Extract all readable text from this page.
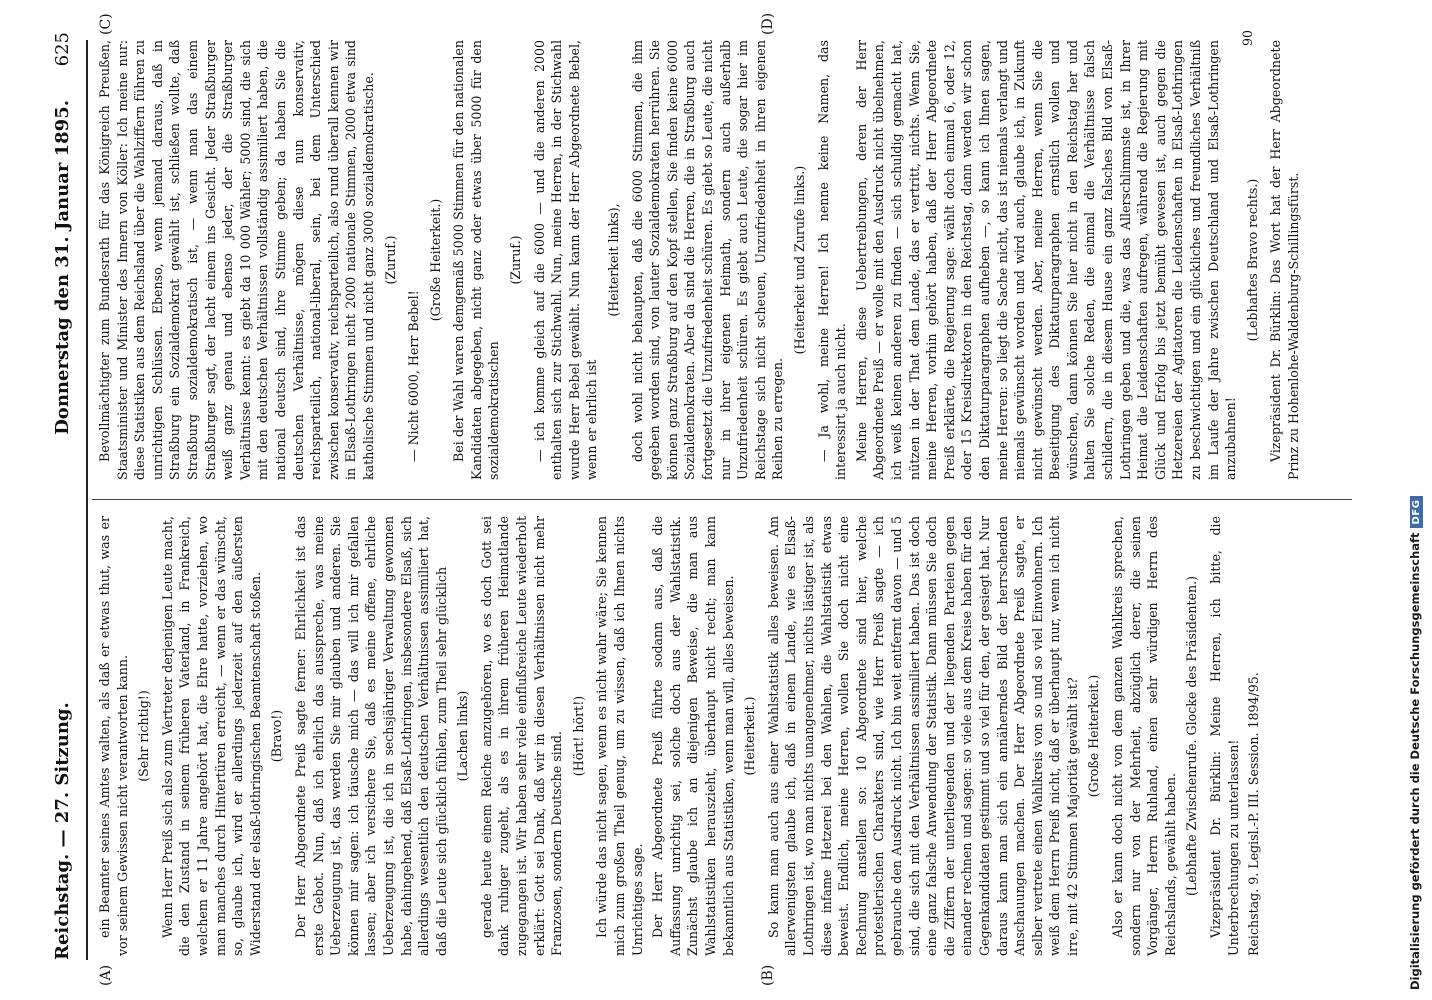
Reichstag. — 27. Sitzung.
Donnerstag den 31. Januar 1895.
625
(A)	(B)
(C)	(D)

ein Beamter seines Amtes walten, als daß er etwas thut, was er vor seinem Gewissen nicht verantworten kann. (Sehr richtig!) Wenn Herr Preiß sich also zum Vertreter derjenigen Leute macht, die den Zustand in seinem früheren Vaterland, in Frankreich, welchem er 11 Jahre angehört hat, die Ehre hatte, vorziehen, wo man manches durch Hintertüren erreicht, — wenn er das wünscht, so, glaube ich, wird er allerdings jederzeit auf den äußersten Widerstand der elsaß-lothringischen Beamtenschaft stoßen. (Bravo!) Der Herr Abgeordnete Preiß sagte ferner: Ehrlichkeit ist das erste Gebot. Nun, daß ich ehrlich das ausspreche, was meine Ueberzeugung ist, das werden Sie mir glauben und anderen. Sie können mir sagen: ich täusche mich — das will ich mir gefallen lassen; aber ich versichere Sie, daß es meine offene, ehrliche Ueberzeugung ist, die ich in sechsjähriger Verwaltung gewonnen habe, dahingehend, daß Elsaß-Lothringen, insbesondere Elsaß, sich allerdings wesentlich den deutschen Verhältnissen assimiliert hat, daß die Leute sich glücklich fühlen, zum Theil sehr glücklich (Lachen links) gerade heute einem Reiche anzugehören, wo es doch Gott sei dank ruhiger zugeht, als es in ihrem früheren Heimatlande zugegangen ist. Wir haben sehr viele einflußreiche Leute wiederholt erklärt: Gott sei Dank, daß wir in diesen Verhältnissen nicht mehr Franzosen, sondern Deutsche sind. (Hört! hört!) Ich würde das nicht sagen, wenn es nicht wahr wäre; Sie kennen mich zum großen Theil genug, um zu wissen, daß ich Ihnen nichts Unrichtiges sage. Der Herr Abgeordnete Preiß führte sodann aus, daß die Auffassung unrichtig sei, solche doch aus der Wahlstatistik. Zunächst glaube ich an diejenigen Beweise, die man aus Wahlstatistiken herauszieht, überhaupt nicht recht; man kann bekanntlich aus Statistiken, wenn man will, alles beweisen. (Heiterkeit.) So kann man auch aus einer Wahlstatistik alles beweisen. Am allerwenigsten glaube ich, daß in einem Lande, wie es Elsaß-Lothringen ist, wo man nichts unangenehmer, nichts lästiger ist, als diese infame Hetzerei bei den Wahlen, die Wahlstatistik etwas beweist. Endlich, meine Herren, wollen Sie doch nicht eine Rechnung anstellen so: 10 Abgeordnete sind hier, welche protestlerischen Charakters sind, wie Herr Preiß sagte — ich gebrauche den Ausdruck nicht. Ich bin weit entfernt davon — und 5 sind, die sich mit den Verhältnissen assimiliert haben. Das ist doch eine ganz falsche Anwendung der Statistik. Dann müssen Sie doch die Ziffern der unterliegenden und der liegenden Parteien gegen einander rechnen und sagen: so viele aus dem Kreise haben für den Gegenkandidaten gestimmt und so viel für den, der gesiegt hat. Nur daraus kann man sich ein annäherndes Bild der herrschenden Anschauungen machen. Der Herr Abgeordnete Preiß sagte, er selber vertrete einen Wahlkreis von so und so viel Einwohnern. Ich weiß dem Herrn Preiß nicht, daß er überhaupt nur, wenn ich nicht irre, mit 42 Stimmen Majorität gewählt ist? (Große Heiterkeit.) Also er kann doch nicht von dem ganzen Wahlkreis sprechen, sondern nur von der Mehrheit, abzüglich derer, die seinen Vorgänger, Herrn Ruhland, einen sehr würdigen Herrn des Reichslands, gewählt haben. (Lebhafte Zwischenrufe. Glocke des Präsidenten.) Vizepräsident Dr. Bürklin: Meine Herren, ich bitte, die Unterbrechungen zu unterlassen! Reichstag. 9. Legisl.-P. III. Session. 1894/95.

Bevollmächtigter zum Bundesrath für das Königreich Preußen, Staatsminister und Minister des Innern von Köller: Ich meine nur: diese Statistiken aus dem Reichsland über die Wahlziffern führen zu unrichtigen Schlüssen. Ebenso, wenn jemand daraus, daß in Straßburg ein Sozialdemokrat gewählt ist, schließen wollte, daß Straßburg sozialdemokratisch ist, — wenn man das einem Straßburger sagt, der lacht einem ins Gesicht. Jeder Straßburger weiß ganz genau und ebenso jeder, der die Straßburger Verhältnisse kennt: es giebt da 10 000 Wähler; 5000 sind, die sich mit den deutschen Verhältnissen vollständig assimiliert haben, die national deutsch sind, ihre Stimme geben; da haben Sie die deutschen Verhältnisse, mögen diese nun konservativ, reichsparteilich, national-liberal, sein, bei dem Unterschied zwischen konservativ, reichsparteilich, also rund überall kennen wir in Elsaß-Lothringen nicht 2000 nationale Stimmen, 2000 etwa sind katholische Stimmen und nicht ganz 3000 sozialdemokratische. (Zuruf.)

— Nicht 6000, Herr Bebel!

(Große Heiterkeit.) Bei der Wahl waren demgemäß 5000 Stimmen für den nationalen Kandidaten abgegeben, nicht ganz oder etwas über 5000 für den sozialdemokratischen

(Zuruf.) — ich komme gleich auf die 6000 — und die anderen 2000 enthalten sich zur Stichwahl. Nun, meine Herren, in der Stichwahl wurde Herr Bebel gewählt. Nun kann der Herr Abgeordnete Bebel, wenn er ehrlich ist

(Heiterkeit links), doch wohl nicht behaupten, daß die 6000 Stimmen, die ihm gegeben worden sind, von lauter Sozialdemokraten herrühren. Sie können ganz Straßburg auf den Kopf stellen, Sie finden keine 6000 Sozialdemokraten. Aber da sind die Herren, die in Straßburg auch fortgesetzt die Unzufriedenheit schüren. Es giebt so Leute, die nicht nur in ihrer eigenen Heimath, sondern auch außerhalb Unzufriedenheit schüren. Es giebt auch Leute, die sogar hier im Reichstage sich nicht scheuen, Unzufriedenheit in ihren eigenen Reihen zu erregen.

(Heiterkeit und Zurufe links.) — Ja wohl, meine Herren! Ich nenne keine Namen, das interessirt ja auch nicht. Meine Herren, diese Uebertreibungen, deren der Herr Abgeordnete Preiß — er wolle mit den Ausdruck nicht übelnehmen, ich weiß keinen anderen zu finden — sich schuldig gemacht hat, nützen in der That dem Lande, das er vertritt, nichts. Wenn Sie, meine Herren, vorhin gehört haben, daß der Herr Abgeordnete Preiß erklärte, die Regierung sage: wählt doch einmal 6, oder 12, oder 15 Kreisdirektoren in den Reichstag, dann werden wir schon den Diktaturparagraphen aufheben —, so kann ich Ihnen sagen, meine Herren: so liegt die Sache nicht, das ist niemals verlangt und niemals gewünscht worden und wird auch, glaube ich, in Zukunft nicht gewünscht werden. Aber, meine Herren, wenn Sie die Beseitigung des Diktaturparagraphen ernstlich wollen und wünschen, dann können Sie hier nicht in den Reichstag her und halten Sie solche Reden, die einmal die Verhältnisse falsch schildern, die in diesem Hause ein ganz falsches Bild von Elsaß-Lothringen geben und die, was das Allerschlimmste ist, in Ihrer Heimat die Leidenschaften aufregen, während die Regierung mit Glück und Erfolg bis jetzt bemüht gewesen ist, auch gegen die Hetzereien der Agitatoren die Leidenschaften in Elsaß-Lothringen zu beschwichtigen und ein glückliches und freundliches Verhältniß im Laufe der Jahre zwischen Deutschland und Elsaß-Lothringen anzubahnen!

(Lebhaftes Bravo rechts.) Vizepräsident Dr. Bürklin: Das Wort hat der Herr Abgeordnete Prinz zu Hohenlohe-Waldenburg-Schillingsfürst.

90
Digitalisierung gefördert durch die Deutsche ForschungsgemeinschaftDFG
